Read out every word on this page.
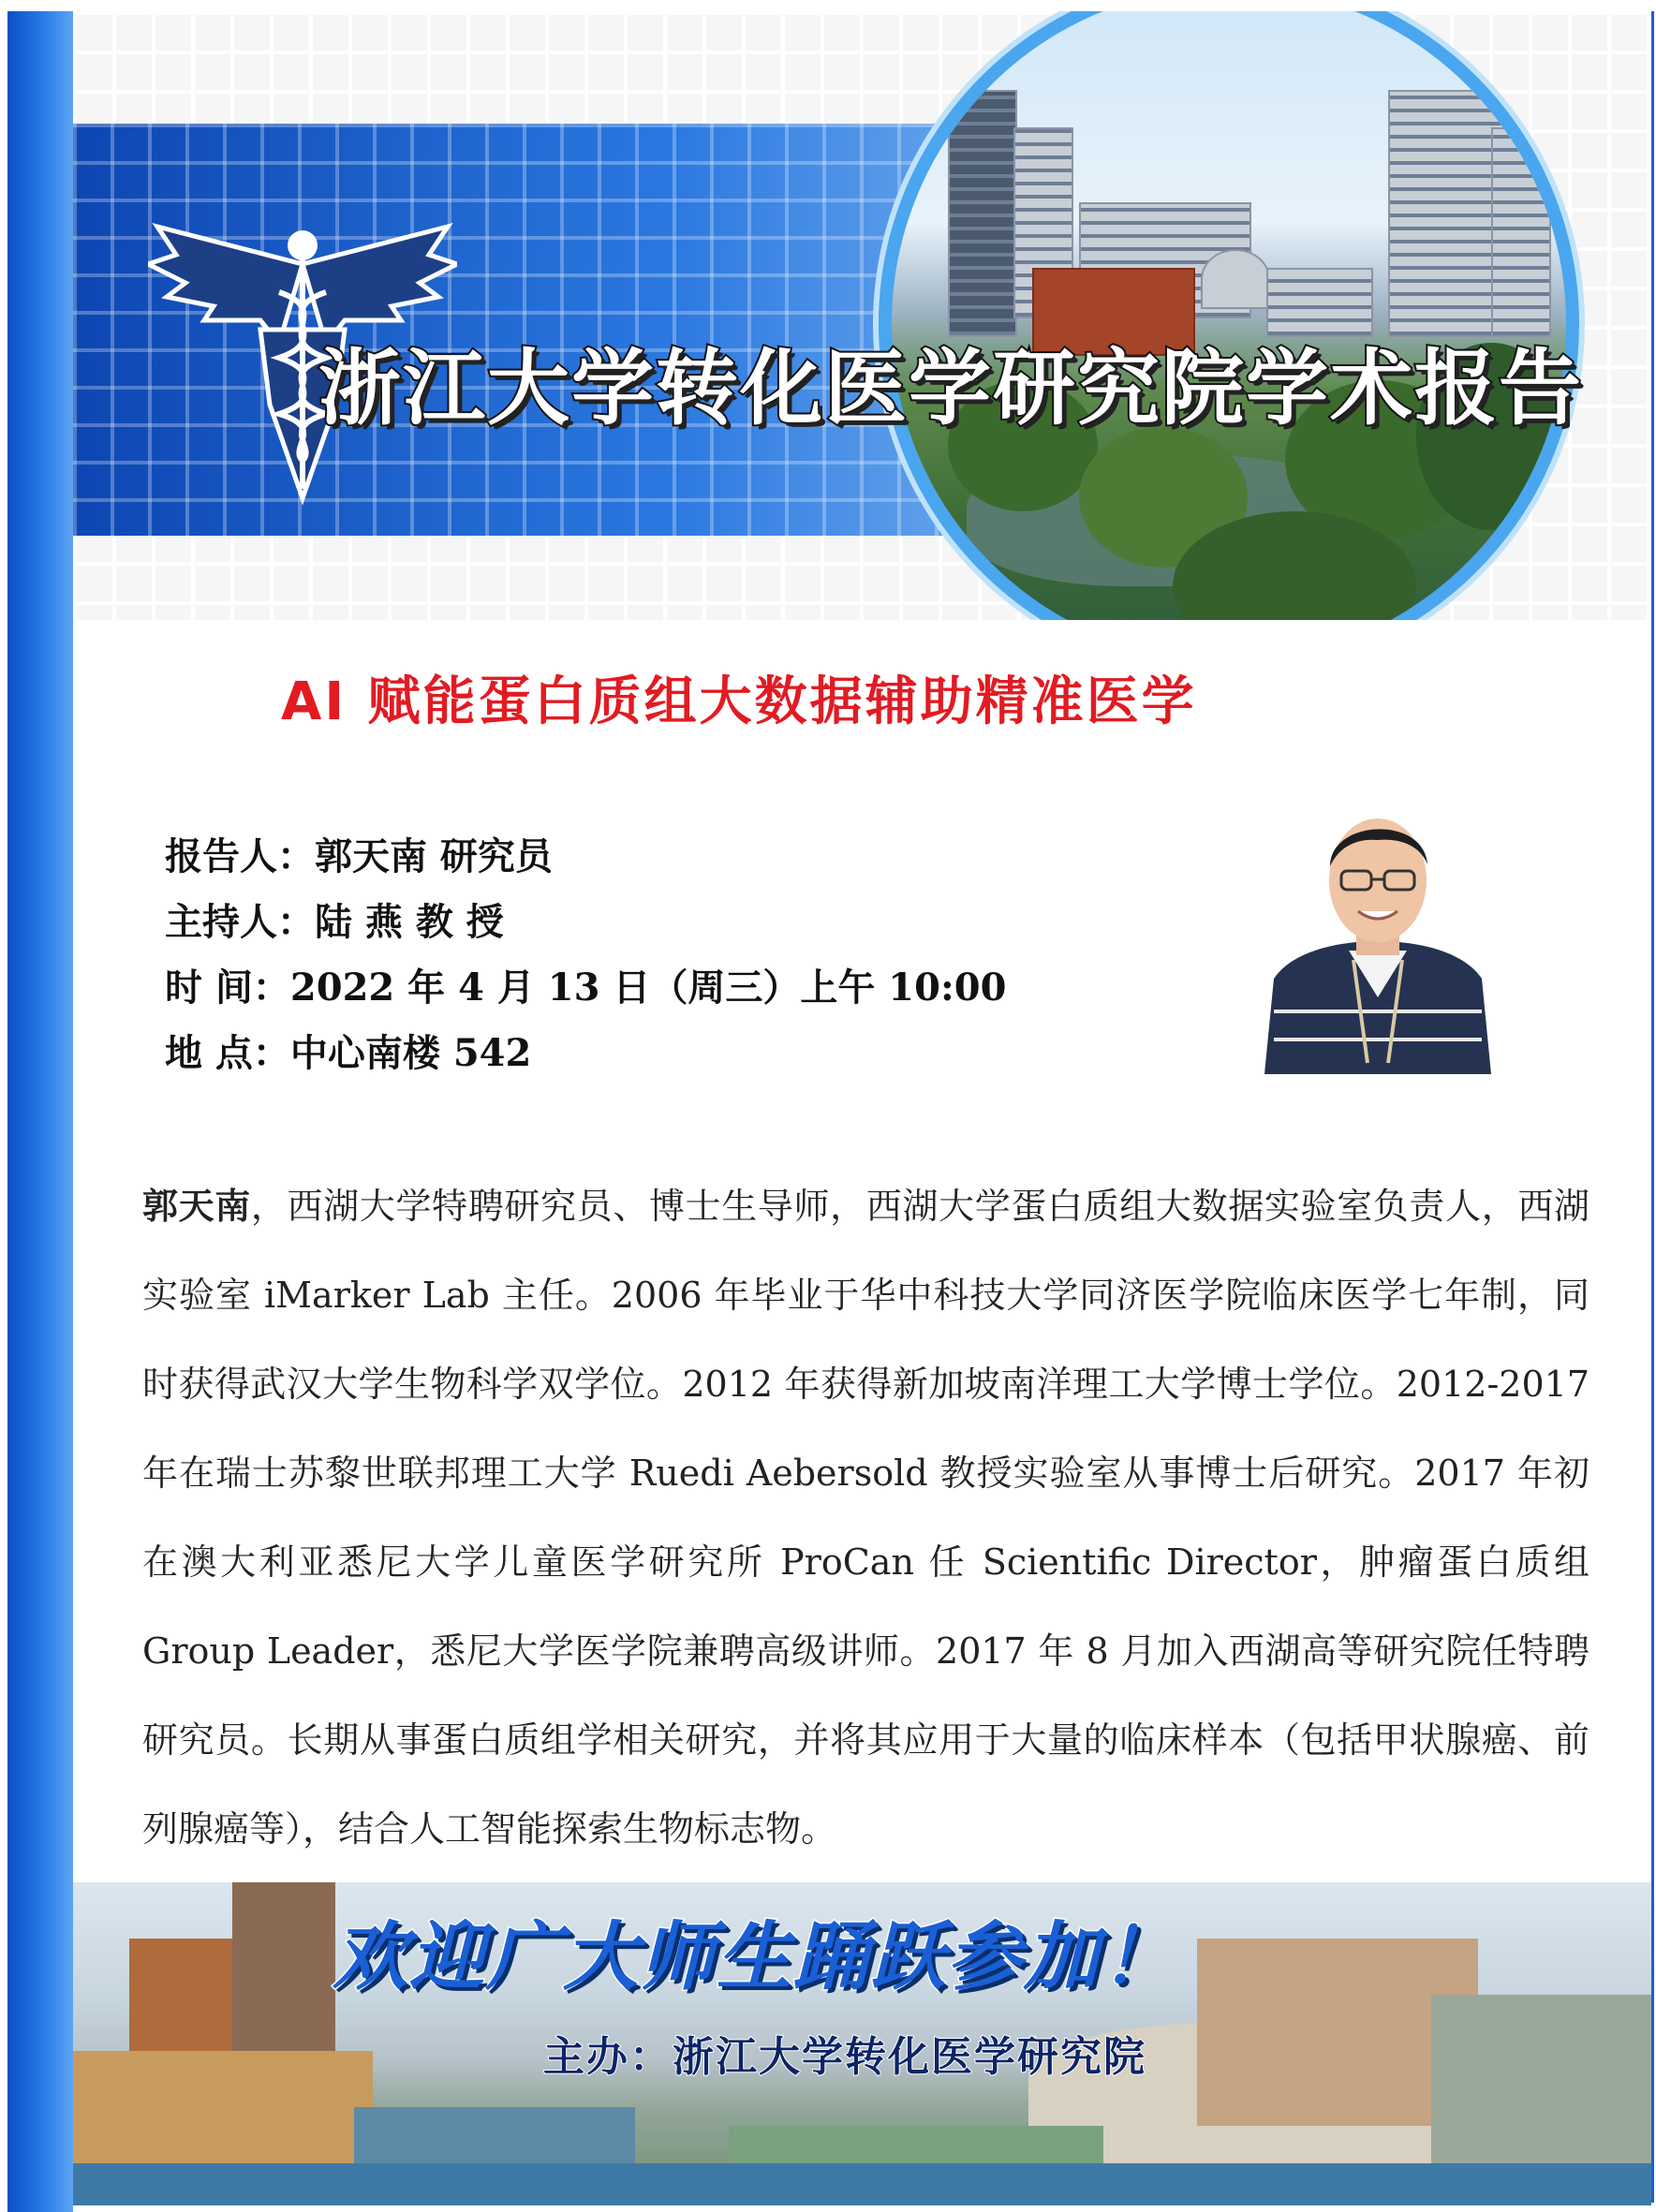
浙江大学转化医学研究院学术报告
AI 赋能蛋白质组大数据辅助精准医学
报告人：郭天南 研究员
主持人：陆 燕 教 授
时 间：2022 年 4 月 13 日（周三）上午 10:00
地 点：中心南楼 542
郭天南，西湖大学特聘研究员、博士生导师，西湖大学蛋白质组大数据实验室负责人，西湖实验室 iMarker Lab 主任。2006 年毕业于华中科技大学同济医学院临床医学七年制，同时获得武汉大学生物科学双学位。2012 年获得新加坡南洋理工大学博士学位。2012-2017 年在瑞士苏黎世联邦理工大学 Ruedi Aebersold 教授实验室从事博士后研究。2017 年初在澳大利亚悉尼大学儿童医学研究所 ProCan 任 Scientific Director，肿瘤蛋白质组 Group Leader，悉尼大学医学院兼聘高级讲师。2017 年 8 月加入西湖高等研究院任特聘研究员。长期从事蛋白质组学相关研究，并将其应用于大量的临床样本（包括甲状腺癌、前列腺癌等），结合人工智能探索生物标志物。
欢迎广大师生踊跃参加！
主办：浙江大学转化医学研究院
